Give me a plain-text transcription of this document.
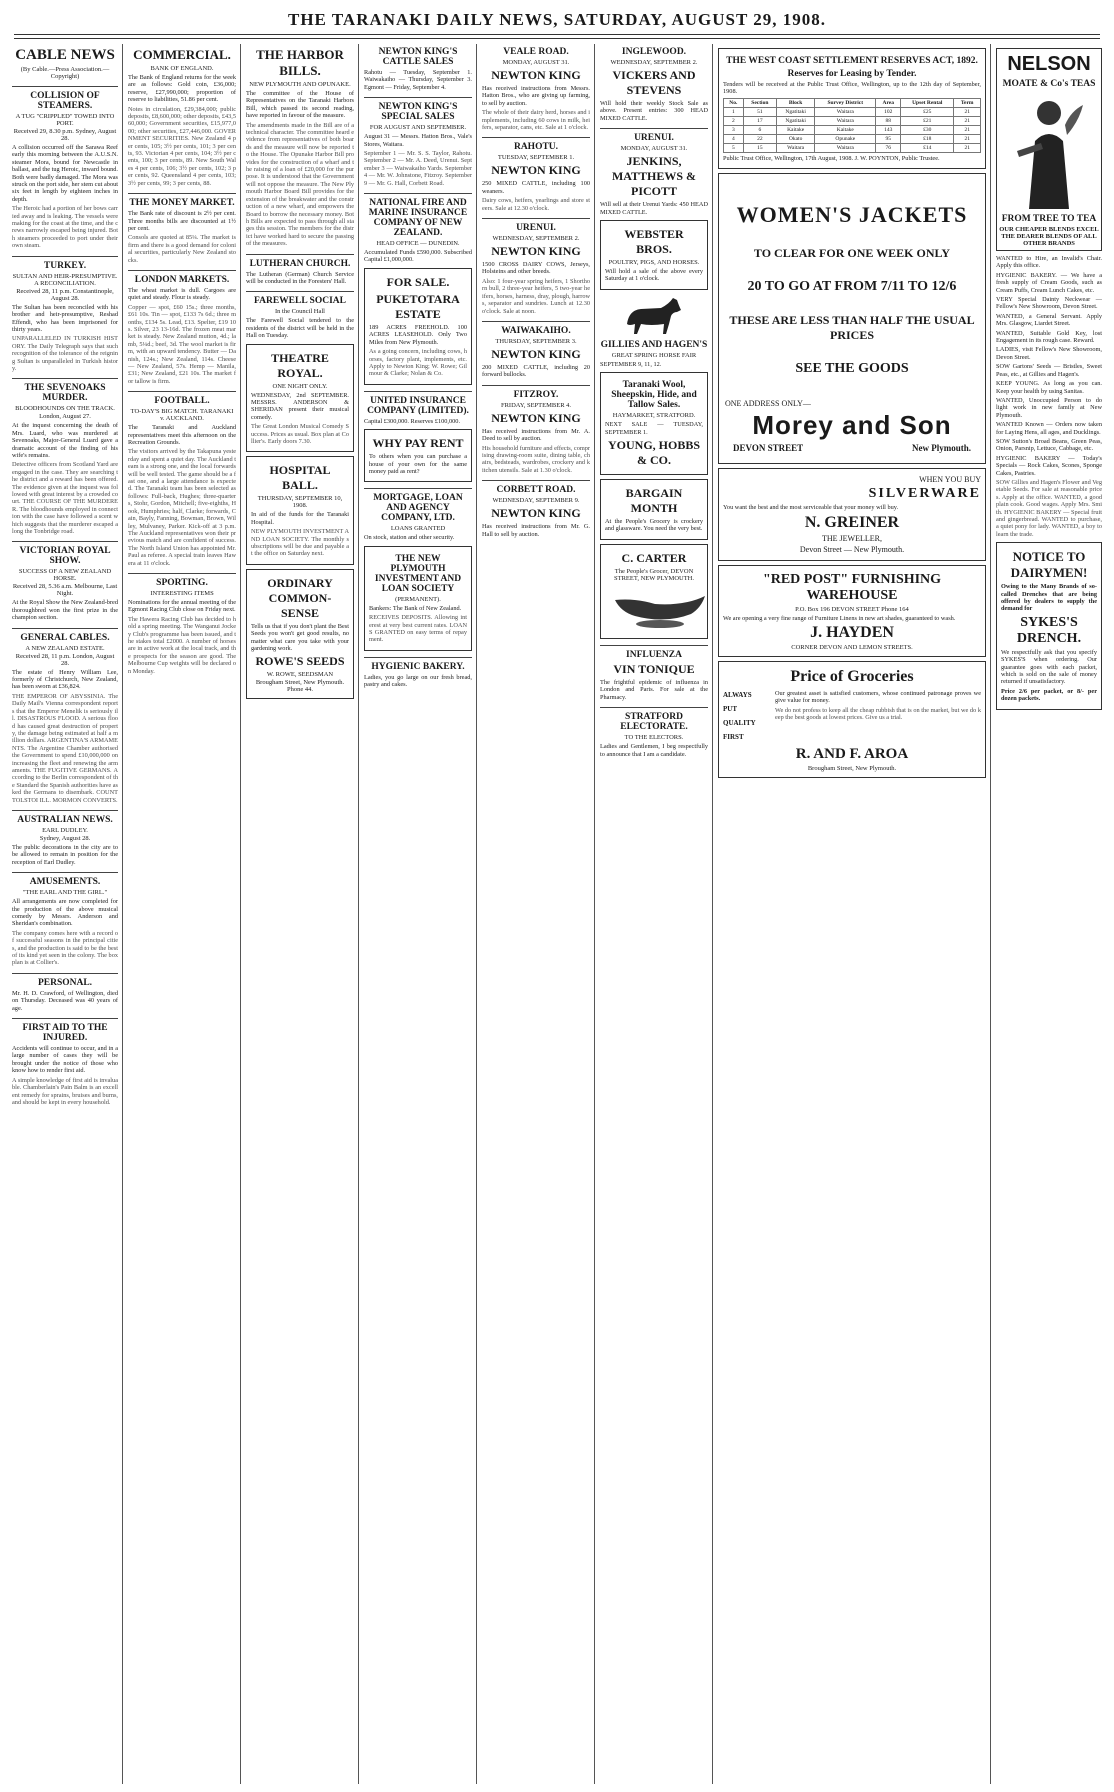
THE TARANAKI DAILY NEWS, SATURDAY, AUGUST 29, 1908.
CABLE NEWS
(By Cable.—Press Association.—Copyright)
COLLISION OF STEAMERS.
A TUG "CRIPPLED" TOWED INTO PORT.
Received 29, 8.30 p.m. Sydney, August 28.
A collision occurred off the Sarawa Reef early this morning between the A.U.S.N. steamer Mora, bound for Newcastle in ballast, and the tug Heroic, inward bound. Both were badly damaged. The Mora was struck on the port side, her stem cut about six feet in length by eighteen inches in depth.
The Heroic had a portion of her bows carried away and is leaking. The vessels were making for the coast at the time, and the crews narrowly escaped being injured. Both steamers proceeded to port under their own steam.
TURKEY.
SULTAN AND HEIR-PRESUMPTIVE. A RECONCILIATION.
Received 28, 11 p.m. Constantinople, August 28.
The Sultan has been reconciled with his brother and heir-presumptive, Reshad Effendi, who has been imprisoned for thirty years.
UNPARALLELED IN TURKISH HISTORY. The Daily Telegraph says that such recognition of the tolerance of the reigning Sultan is unparalleled in Turkish history.
THE SEVENOAKS MURDER.
BLOODHOUNDS ON THE TRACK.
London, August 27.
At the inquest concerning the death of Mrs. Luard, who was murdered at Sevenoaks, Major-General Luard gave a dramatic account of the finding of his wife's remains.
Detective officers from Scotland Yard are engaged in the case. They are searching the district and a reward has been offered. The evidence given at the inquest was followed with great interest by a crowded court. THE COURSE OF THE MURDERER. The bloodhounds employed in connection with the case have followed a scent which suggests that the murderer escaped along the Tonbridge road.
VICTORIAN ROYAL SHOW.
SUCCESS OF A NEW ZEALAND HORSE.
Received 28, 5.36 a.m. Melbourne, Last Night.
At the Royal Show the New Zealand-bred thoroughbred won the first prize in the champion section.
GENERAL CABLES.
A NEW ZEALAND ESTATE.
Received 28, 11 p.m. London, August 28.
The estate of Henry William Lee, formerly of Christchurch, New Zealand, has been sworn at £36,824.
THE EMPEROR OF ABYSSINIA. The Daily Mail's Vienna correspondent reports that the Emperor Menelik is seriously ill. DISASTROUS FLOOD. A serious flood has caused great destruction of property, the damage being estimated at half a million dollars. ARGENTINA'S ARMAMENTS. The Argentine Chamber authorised the Government to spend £10,000,000 on increasing the fleet and renewing the armaments. THE FUGITIVE GERMANS. According to the Berlin correspondent of the Standard the Spanish authorities have asked the Germans to disembark. COUNT TOLSTOI ILL. MORMON CONVERTS.
AUSTRALIAN NEWS.
EARL DUDLEY.
Sydney, August 28.
The public decorations in the city are to be allowed to remain in position for the reception of Earl Dudley.
AMUSEMENTS.
"THE EARL AND THE GIRL."
All arrangements are now completed for the production of the above musical comedy by Messrs. Anderson and Sheridan's combination.
The company comes here with a record of successful seasons in the principal cities, and the production is said to be the best of its kind yet seen in the colony. The box plan is at Collier's.
PERSONAL.
Mr. H. D. Crawford, of Wellington, died on Thursday. Deceased was 40 years of age.
FIRST AID TO THE INJURED.
Accidents will continue to occur, and in a large number of cases they will be brought under the notice of those who know how to render first aid.
A simple knowledge of first aid is invaluable. Chamberlain's Pain Balm is an excellent remedy for sprains, bruises and burns, and should be kept in every household.
COMMERCIAL.
BANK OF ENGLAND.
The Bank of England returns for the week are as follows: Gold coin, £36,000; reserve, £27,990,000; proportion of reserve to liabilities, 51.86 per cent.
Notes in circulation, £29,384,000; public deposits, £8,600,000; other deposits, £43,560,000; Government securities, £15,977,000; other securities, £27,446,000. GOVERNMENT SECURITIES. New Zealand 4 per cents, 105; 3½ per cents, 101; 3 per cents, 93. Victorian 4 per cents, 104; 3½ per cents, 100; 3 per cents, 89. New South Wales 4 per cents, 106; 3½ per cents, 102; 3 per cents, 92. Queensland 4 per cents, 103; 3½ per cents, 99; 3 per cents, 88.
THE MONEY MARKET.
The Bank rate of discount is 2½ per cent. Three months bills are discounted at 1½ per cent.
Consols are quoted at 85¼. The market is firm and there is a good demand for colonial securities, particularly New Zealand stocks.
LONDON MARKETS.
The wheat market is dull. Cargoes are quiet and steady. Flour is steady.
Copper — spot, £60 15s.; three months, £61 10s. Tin — spot, £133 7s 6d.; three months, £134 5s. Lead, £13. Spelter, £19 10s. Silver, 23 13-16d. The frozen meat market is steady. New Zealand mutton, 4d.; lamb, 5¼d.; beef, 3d. The wool market is firm, with an upward tendency. Butter — Danish, 124s.; New Zealand, 114s. Cheese — New Zealand, 57s. Hemp — Manila, £31; New Zealand, £21 10s. The market for tallow is firm.
FOOTBALL.
TO-DAY'S BIG MATCH. TARANAKI v. AUCKLAND.
The Taranaki and Auckland representatives meet this afternoon on the Recreation Grounds.
The visitors arrived by the Takapuna yesterday and spent a quiet day. The Auckland team is a strong one, and the local forwards will be well tested. The game should be a fast one, and a large attendance is expected. The Taranaki team has been selected as follows: Full-back, Hughes; three-quarters, Stohr, Gordon, Mitchell; five-eighths, Hook, Humphries; half, Clarke; forwards, Cain, Bayly, Fanning, Bowman, Brown, Willey, Mulvaney, Parker. Kick-off at 3 p.m. The Auckland representatives won their previous match and are confident of success. The North Island Union has appointed Mr. Paul as referee. A special train leaves Hawera at 11 o'clock.
SPORTING.
INTERESTING ITEMS
Nominations for the annual meeting of the Egmont Racing Club close on Friday next.
The Hawera Racing Club has decided to hold a spring meeting. The Wanganui Jockey Club's programme has been issued, and the stakes total £2000. A number of horses are in active work at the local track, and the prospects for the season are good. The Melbourne Cup weights will be declared on Monday.
THE HARBOR BILLS.
NEW PLYMOUTH AND OPUNAKE.
The committee of the House of Representatives on the Taranaki Harbors Bill, which passed its second reading, have reported in favour of the measure.
The amendments made in the Bill are of a technical character. The committee heard evidence from representatives of both boards and the measure will now be reported to the House. The Opunake Harbor Bill provides for the construction of a wharf and the raising of a loan of £20,000 for the purpose. It is understood that the Government will not oppose the measure. The New Plymouth Harbor Board Bill provides for the extension of the breakwater and the construction of a new wharf, and empowers the Board to borrow the necessary money. Both Bills are expected to pass through all stages this session. The members for the district have worked hard to secure the passing of the measures.
LUTHERAN CHURCH.
The Lutheran (German) Church Service will be conducted in the Foresters' Hall.
FAREWELL SOCIAL
In the Council Hall
The Farewell Social tendered to the residents of the district will be held in the Hall on Tuesday.
THEATRE ROYAL.
ONE NIGHT ONLY.
WEDNESDAY, 2nd SEPTEMBER. MESSRS. ANDERSON & SHERIDAN present their musical comedy.
The Great London Musical Comedy Success. Prices as usual. Box plan at Collier's. Early doors 7.30.
HOSPITAL BALL.
THURSDAY, SEPTEMBER 10, 1908.
In aid of the funds for the Taranaki Hospital.
NEW PLYMOUTH INVESTMENT AND LOAN SOCIETY. The monthly subscriptions will be due and payable at the office on Saturday next.
ORDINARY COMMON-SENSE
Tells us that if you don't plant the Best Seeds you won't get good results, no matter what care you take with your gardening work.
ROWE'S SEEDS
W. ROWE, SEEDSMAN
Brougham Street, New Plymouth. Phone 44.
NEWTON KING'S CATTLE SALES
Rahotu — Tuesday, September 1. Waiwakaiho — Thursday, September 3. Egmont — Friday, September 4.
NEWTON KING'S SPECIAL SALES
FOR AUGUST AND SEPTEMBER.
August 31 — Messrs. Hatton Bros., Vale's Stores, Waitara.
September 1 — Mr. S. S. Taylor, Rahotu. September 2 — Mr. A. Deed, Urenui. September 3 — Waiwakaiho Yards. September 4 — Mr. W. Johnstone, Fitzroy. September 9 — Mr. G. Hall, Corbett Road.
NATIONAL FIRE AND MARINE INSURANCE COMPANY OF NEW ZEALAND.
HEAD OFFICE — DUNEDIN.
Accumulated Funds £590,000. Subscribed Capital £1,000,000.
FOR SALE.
PUKETOTARA ESTATE
189 ACRES FREEHOLD. 100 ACRES LEASEHOLD. Only Two Miles from New Plymouth.
As a going concern, including cows, horses, factory plant, implements, etc. Apply to Newton King; W. Rowe; Gilmour & Clarke; Nolan & Co.
UNITED INSURANCE COMPANY (LIMITED).
Capital £300,000. Reserves £100,000.
WHY PAY RENT
To others when you can purchase a house of your own for the same money paid as rent?
MORTGAGE, LOAN AND AGENCY COMPANY, LTD.
LOANS GRANTED
On stock, station and other security.
THE NEW PLYMOUTH INVESTMENT AND LOAN SOCIETY
(PERMANENT).
Bankers: The Bank of New Zealand.
RECEIVES DEPOSITS. Allowing interest at very best current rates. LOANS GRANTED on easy terms of repayment.
HYGIENIC BAKERY.
Ladies, you go large on our fresh bread, pastry and cakes.
VEALE ROAD.
MONDAY, AUGUST 31.
NEWTON KING
Has received instructions from Messrs. Hatton Bros., who are giving up farming, to sell by auction.
The whole of their dairy herd, horses and implements, including 60 cows in milk, heifers, separator, cans, etc. Sale at 1 o'clock.
RAHOTU.
TUESDAY, SEPTEMBER 1.
NEWTON KING
250 MIXED CATTLE, including 100 weaners.
Dairy cows, heifers, yearlings and store steers. Sale at 12.30 o'clock.
URENUI.
WEDNESDAY, SEPTEMBER 2.
NEWTON KING
1500 CROSS DAIRY COWS, Jerseys, Holsteins and other breeds.
Also: 1 four-year spring heifers, 1 Shorthorn bull, 2 three-year heifers, 5 two-year heifers, horses, harness, dray, plough, harrows, separator and sundries. Lunch at 12.30 o'clock. Sale at noon.
WAIWAKAIHO.
THURSDAY, SEPTEMBER 3.
NEWTON KING
200 MIXED CATTLE, including 20 forward bullocks.
FITZROY.
FRIDAY, SEPTEMBER 4.
NEWTON KING
Has received instructions from Mr. A. Deed to sell by auction.
His household furniture and effects, comprising drawing-room suite, dining table, chairs, bedsteads, wardrobes, crockery and kitchen utensils. Sale at 1.30 o'clock.
CORBETT ROAD.
WEDNESDAY, SEPTEMBER 9.
NEWTON KING
Has received instructions from Mr. G. Hall to sell by auction.
INGLEWOOD.
WEDNESDAY, SEPTEMBER 2.
VICKERS AND STEVENS
Will hold their weekly Stock Sale as above. Present entries: 300 HEAD MIXED CATTLE.
URENUI.
MONDAY, AUGUST 31.
JENKINS, MATTHEWS & PICOTT
Will sell at their Urenui Yards: 450 HEAD MIXED CATTLE.
WEBSTER BROS.
POULTRY, PIGS, AND HORSES.
Will hold a sale of the above every Saturday at 1 o'clock.
GILLIES AND HAGEN'S
GREAT SPRING HORSE FAIR
SEPTEMBER 9, 11, 12.
Taranaki Wool, Sheepskin, Hide, and Tallow Sales.
HAYMARKET, STRATFORD.
NEXT SALE — TUESDAY, SEPTEMBER 1.
YOUNG, HOBBS & CO.
BARGAIN MONTH
At the People's Grocery is crockery and glassware. You need the very best.
C. CARTER
The People's Grocer, DEVON STREET, NEW PLYMOUTH.
INFLUENZA
VIN TONIQUE
The frightful epidemic of influenza in London and Paris. For sale at the Pharmacy.
STRATFORD ELECTORATE.
TO THE ELECTORS.
Ladies and Gentlemen, I beg respectfully to announce that I am a candidate.
THE WEST COAST SETTLEMENT RESERVES ACT, 1892.
Reserves for Leasing by Tender.
Tenders will be received at the Public Trust Office, Wellington, up to the 12th day of September, 1908.
No.	Section	Block	Survey District	Area	Upset Rental	Term
1	51	Ngatitaki	Waitara	102	£25	21
2	17	Ngatitaki	Waitara	88	£21	21
3	6	Kaitake	Kaitake	143	£30	21
4	22	Okato	Opunake	95	£18	21
5	15	Waitara	Waitara	76	£14	21
Public Trust Office, Wellington, 17th August, 1908. J. W. POYNTON, Public Trustee.
WOMEN'S JACKETS
TO CLEAR FOR ONE WEEK ONLY
20 TO GO AT FROM 7/11 TO 12/6
THESE ARE LESS THAN HALF THE USUAL PRICES
SEE THE GOODS
ONE ADDRESS ONLY—
Morey and Son
DEVON STREET	New Plymouth.
WHEN YOU BUY
SILVERWARE
You want the best and the most serviceable that your money will buy.
N. GREINER
THE JEWELLER,
Devon Street — New Plymouth.
"RED POST" FURNISHING WAREHOUSE
P.O. Box 196 DEVON STREET Phone 164
We are opening a very fine range of Furniture Linens in new art shades, guaranteed to wash.
J. HAYDEN
CORNER DEVON AND LEMON STREETS.
Price of Groceries
ALWAYS
PUT
QUALITY
FIRST
Our greatest asset is satisfied customers, whose continued patronage proves we give value for money.
We do not profess to keep all the cheap rubbish that is on the market, but we do keep the best goods at lowest prices. Give us a trial.
R. AND F. AROA
Brougham Street, New Plymouth.
NELSON
MOATE & Co's TEAS
FROM TREE TO TEA
OUR CHEAPER BLENDS EXCEL THE DEARER BLENDS OF ALL OTHER BRANDS
WANTED to Hire, an Invalid's Chair. Apply this office.
HYGIENIC BAKERY. — We have a fresh supply of Cream Goods, such as Cream Puffs, Cream Lunch Cakes, etc.
VERY Special Dainty Neckwear — Fellow's New Showroom, Devon Street.
WANTED, a General Servant. Apply Mrs. Glasgow, Liardet Street.
WANTED, Suitable Gold Key, lost Engagement in its rough case. Reward.
LADIES, visit Fellow's New Showroom, Devon Street.
SOW Gartons' Seeds — Bristles, Sweet Peas, etc., at Gillies and Hagen's.
KEEP YOUNG. As long as you can. Keep your health by using Sanitas.
WANTED, Unoccupied Person to do light work in new family at New Plymouth.
WANTED Known — Orders now taken for Laying Hens, all ages, and Ducklings.
SOW Sutton's Broad Beans, Green Peas, Onion, Parsnip, Lettuce, Cabbage, etc.
HYGIENIC BAKERY — Today's Specials — Rock Cakes, Scones, Sponge Cakes, Pastries.
SOW Gillies and Hagen's Flower and Vegetable Seeds. For sale at reasonable prices. Apply at the office. WANTED, a good plain cook. Good wages. Apply Mrs. Smith. HYGIENIC BAKERY — Special fruit and gingerbread. WANTED to purchase, a quiet pony for lady. WANTED, a boy to learn the trade.
NOTICE TO DAIRYMEN!
Owing to the Many Brands of so-called Drenches that are being offered by dealers to supply the demand for
SYKES'S DRENCH.
We respectfully ask that you specify SYKES'S when ordering. Our guarantee goes with each packet, which is sold on the sale of money returned if unsatisfactory.
Price 2/6 per packet, or 8/- per dozen packets.
